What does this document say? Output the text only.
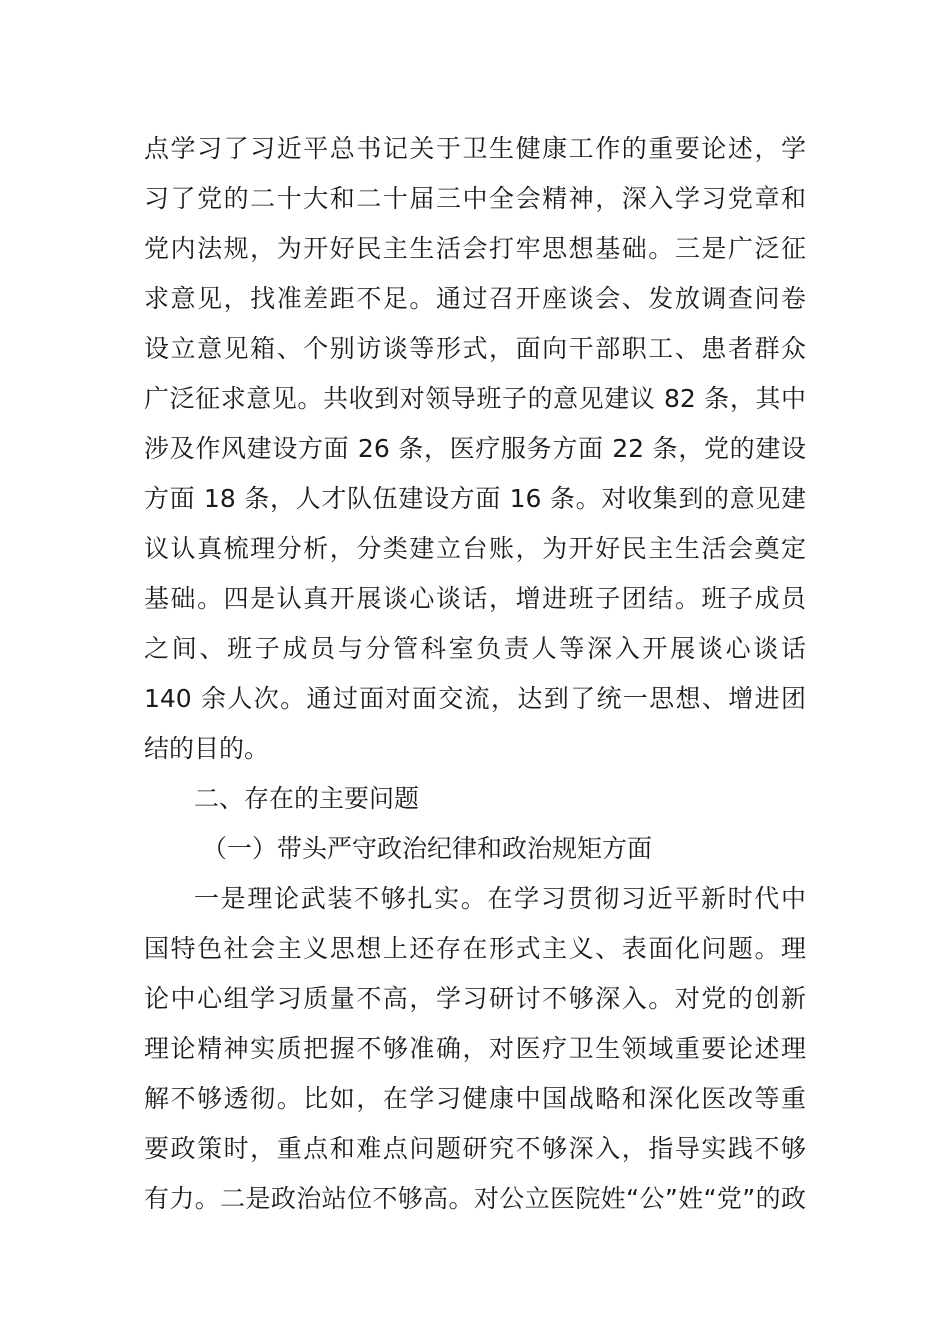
点学习了习近平总书记关于卫生健康工作的重要论述，学
习了党的二十大和二十届三中全会精神，深入学习党章和
党内法规，为开好民主生活会打牢思想基础。三是广泛征
求意见，找准差距不足。通过召开座谈会、发放调查问卷
设立意见箱、个别访谈等形式，面向干部职工、患者群众
广泛征求意见。共收到对领导班子的意见建议 82 条，其中
涉及作风建设方面 26 条，医疗服务方面 22 条，党的建设
方面 18 条，人才队伍建设方面 16 条。对收集到的意见建
议认真梳理分析，分类建立台账，为开好民主生活会奠定
基础。四是认真开展谈心谈话，增进班子团结。班子成员
之间、班子成员与分管科室负责人等深入开展谈心谈话
140 余人次。通过面对面交流，达到了统一思想、增进团
结的目的。
二、存在的主要问题
（一）带头严守政治纪律和政治规矩方面
一是理论武装不够扎实。在学习贯彻习近平新时代中
国特色社会主义思想上还存在形式主义、表面化问题。理
论中心组学习质量不高，学习研讨不够深入。对党的创新
理论精神实质把握不够准确，对医疗卫生领域重要论述理
解不够透彻。比如，在学习健康中国战略和深化医改等重
要政策时，重点和难点问题研究不够深入，指导实践不够
有力。二是政治站位不够高。对公立医院姓“公”姓“党”的政
